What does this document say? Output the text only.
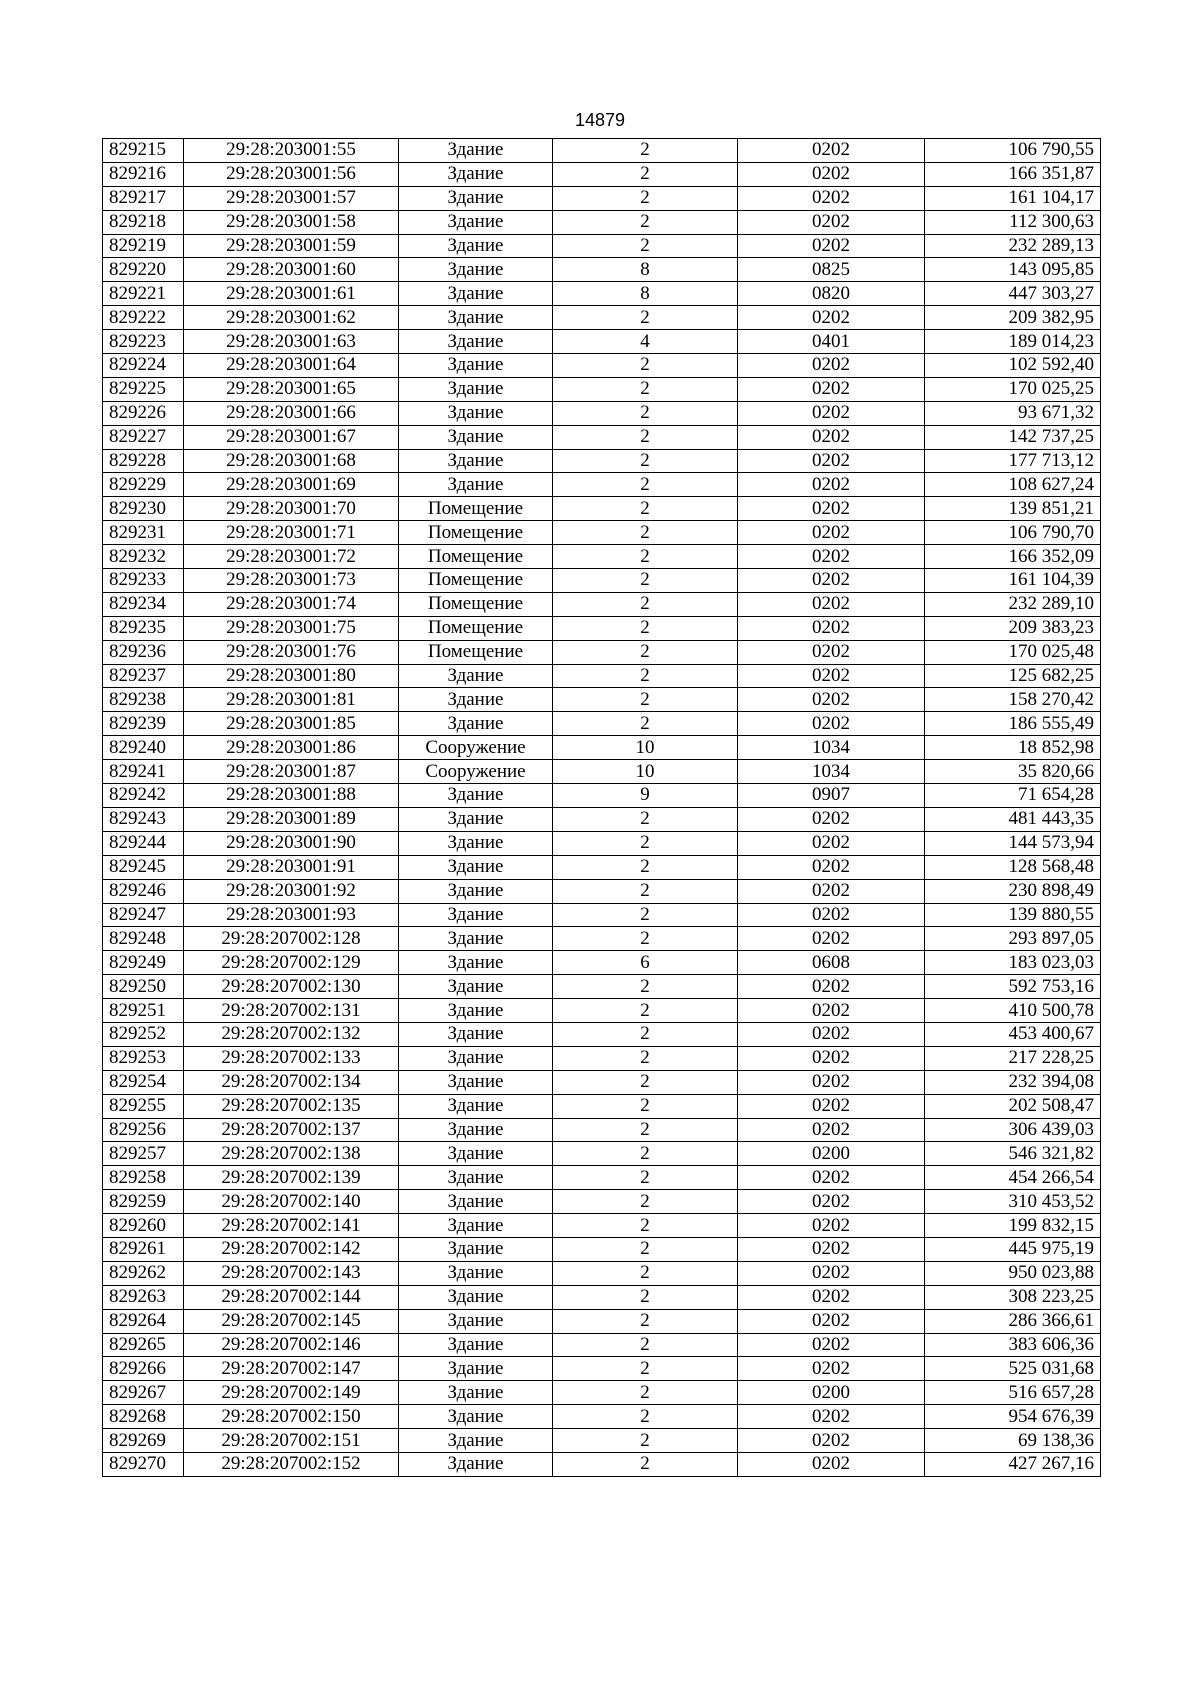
14879
829215	29:28:203001:55	Здание	2	0202	106 790,55
829216	29:28:203001:56	Здание	2	0202	166 351,87
829217	29:28:203001:57	Здание	2	0202	161 104,17
829218	29:28:203001:58	Здание	2	0202	112 300,63
829219	29:28:203001:59	Здание	2	0202	232 289,13
829220	29:28:203001:60	Здание	8	0825	143 095,85
829221	29:28:203001:61	Здание	8	0820	447 303,27
829222	29:28:203001:62	Здание	2	0202	209 382,95
829223	29:28:203001:63	Здание	4	0401	189 014,23
829224	29:28:203001:64	Здание	2	0202	102 592,40
829225	29:28:203001:65	Здание	2	0202	170 025,25
829226	29:28:203001:66	Здание	2	0202	93 671,32
829227	29:28:203001:67	Здание	2	0202	142 737,25
829228	29:28:203001:68	Здание	2	0202	177 713,12
829229	29:28:203001:69	Здание	2	0202	108 627,24
829230	29:28:203001:70	Помещение	2	0202	139 851,21
829231	29:28:203001:71	Помещение	2	0202	106 790,70
829232	29:28:203001:72	Помещение	2	0202	166 352,09
829233	29:28:203001:73	Помещение	2	0202	161 104,39
829234	29:28:203001:74	Помещение	2	0202	232 289,10
829235	29:28:203001:75	Помещение	2	0202	209 383,23
829236	29:28:203001:76	Помещение	2	0202	170 025,48
829237	29:28:203001:80	Здание	2	0202	125 682,25
829238	29:28:203001:81	Здание	2	0202	158 270,42
829239	29:28:203001:85	Здание	2	0202	186 555,49
829240	29:28:203001:86	Сооружение	10	1034	18 852,98
829241	29:28:203001:87	Сооружение	10	1034	35 820,66
829242	29:28:203001:88	Здание	9	0907	71 654,28
829243	29:28:203001:89	Здание	2	0202	481 443,35
829244	29:28:203001:90	Здание	2	0202	144 573,94
829245	29:28:203001:91	Здание	2	0202	128 568,48
829246	29:28:203001:92	Здание	2	0202	230 898,49
829247	29:28:203001:93	Здание	2	0202	139 880,55
829248	29:28:207002:128	Здание	2	0202	293 897,05
829249	29:28:207002:129	Здание	6	0608	183 023,03
829250	29:28:207002:130	Здание	2	0202	592 753,16
829251	29:28:207002:131	Здание	2	0202	410 500,78
829252	29:28:207002:132	Здание	2	0202	453 400,67
829253	29:28:207002:133	Здание	2	0202	217 228,25
829254	29:28:207002:134	Здание	2	0202	232 394,08
829255	29:28:207002:135	Здание	2	0202	202 508,47
829256	29:28:207002:137	Здание	2	0202	306 439,03
829257	29:28:207002:138	Здание	2	0200	546 321,82
829258	29:28:207002:139	Здание	2	0202	454 266,54
829259	29:28:207002:140	Здание	2	0202	310 453,52
829260	29:28:207002:141	Здание	2	0202	199 832,15
829261	29:28:207002:142	Здание	2	0202	445 975,19
829262	29:28:207002:143	Здание	2	0202	950 023,88
829263	29:28:207002:144	Здание	2	0202	308 223,25
829264	29:28:207002:145	Здание	2	0202	286 366,61
829265	29:28:207002:146	Здание	2	0202	383 606,36
829266	29:28:207002:147	Здание	2	0202	525 031,68
829267	29:28:207002:149	Здание	2	0200	516 657,28
829268	29:28:207002:150	Здание	2	0202	954 676,39
829269	29:28:207002:151	Здание	2	0202	69 138,36
829270	29:28:207002:152	Здание	2	0202	427 267,16
